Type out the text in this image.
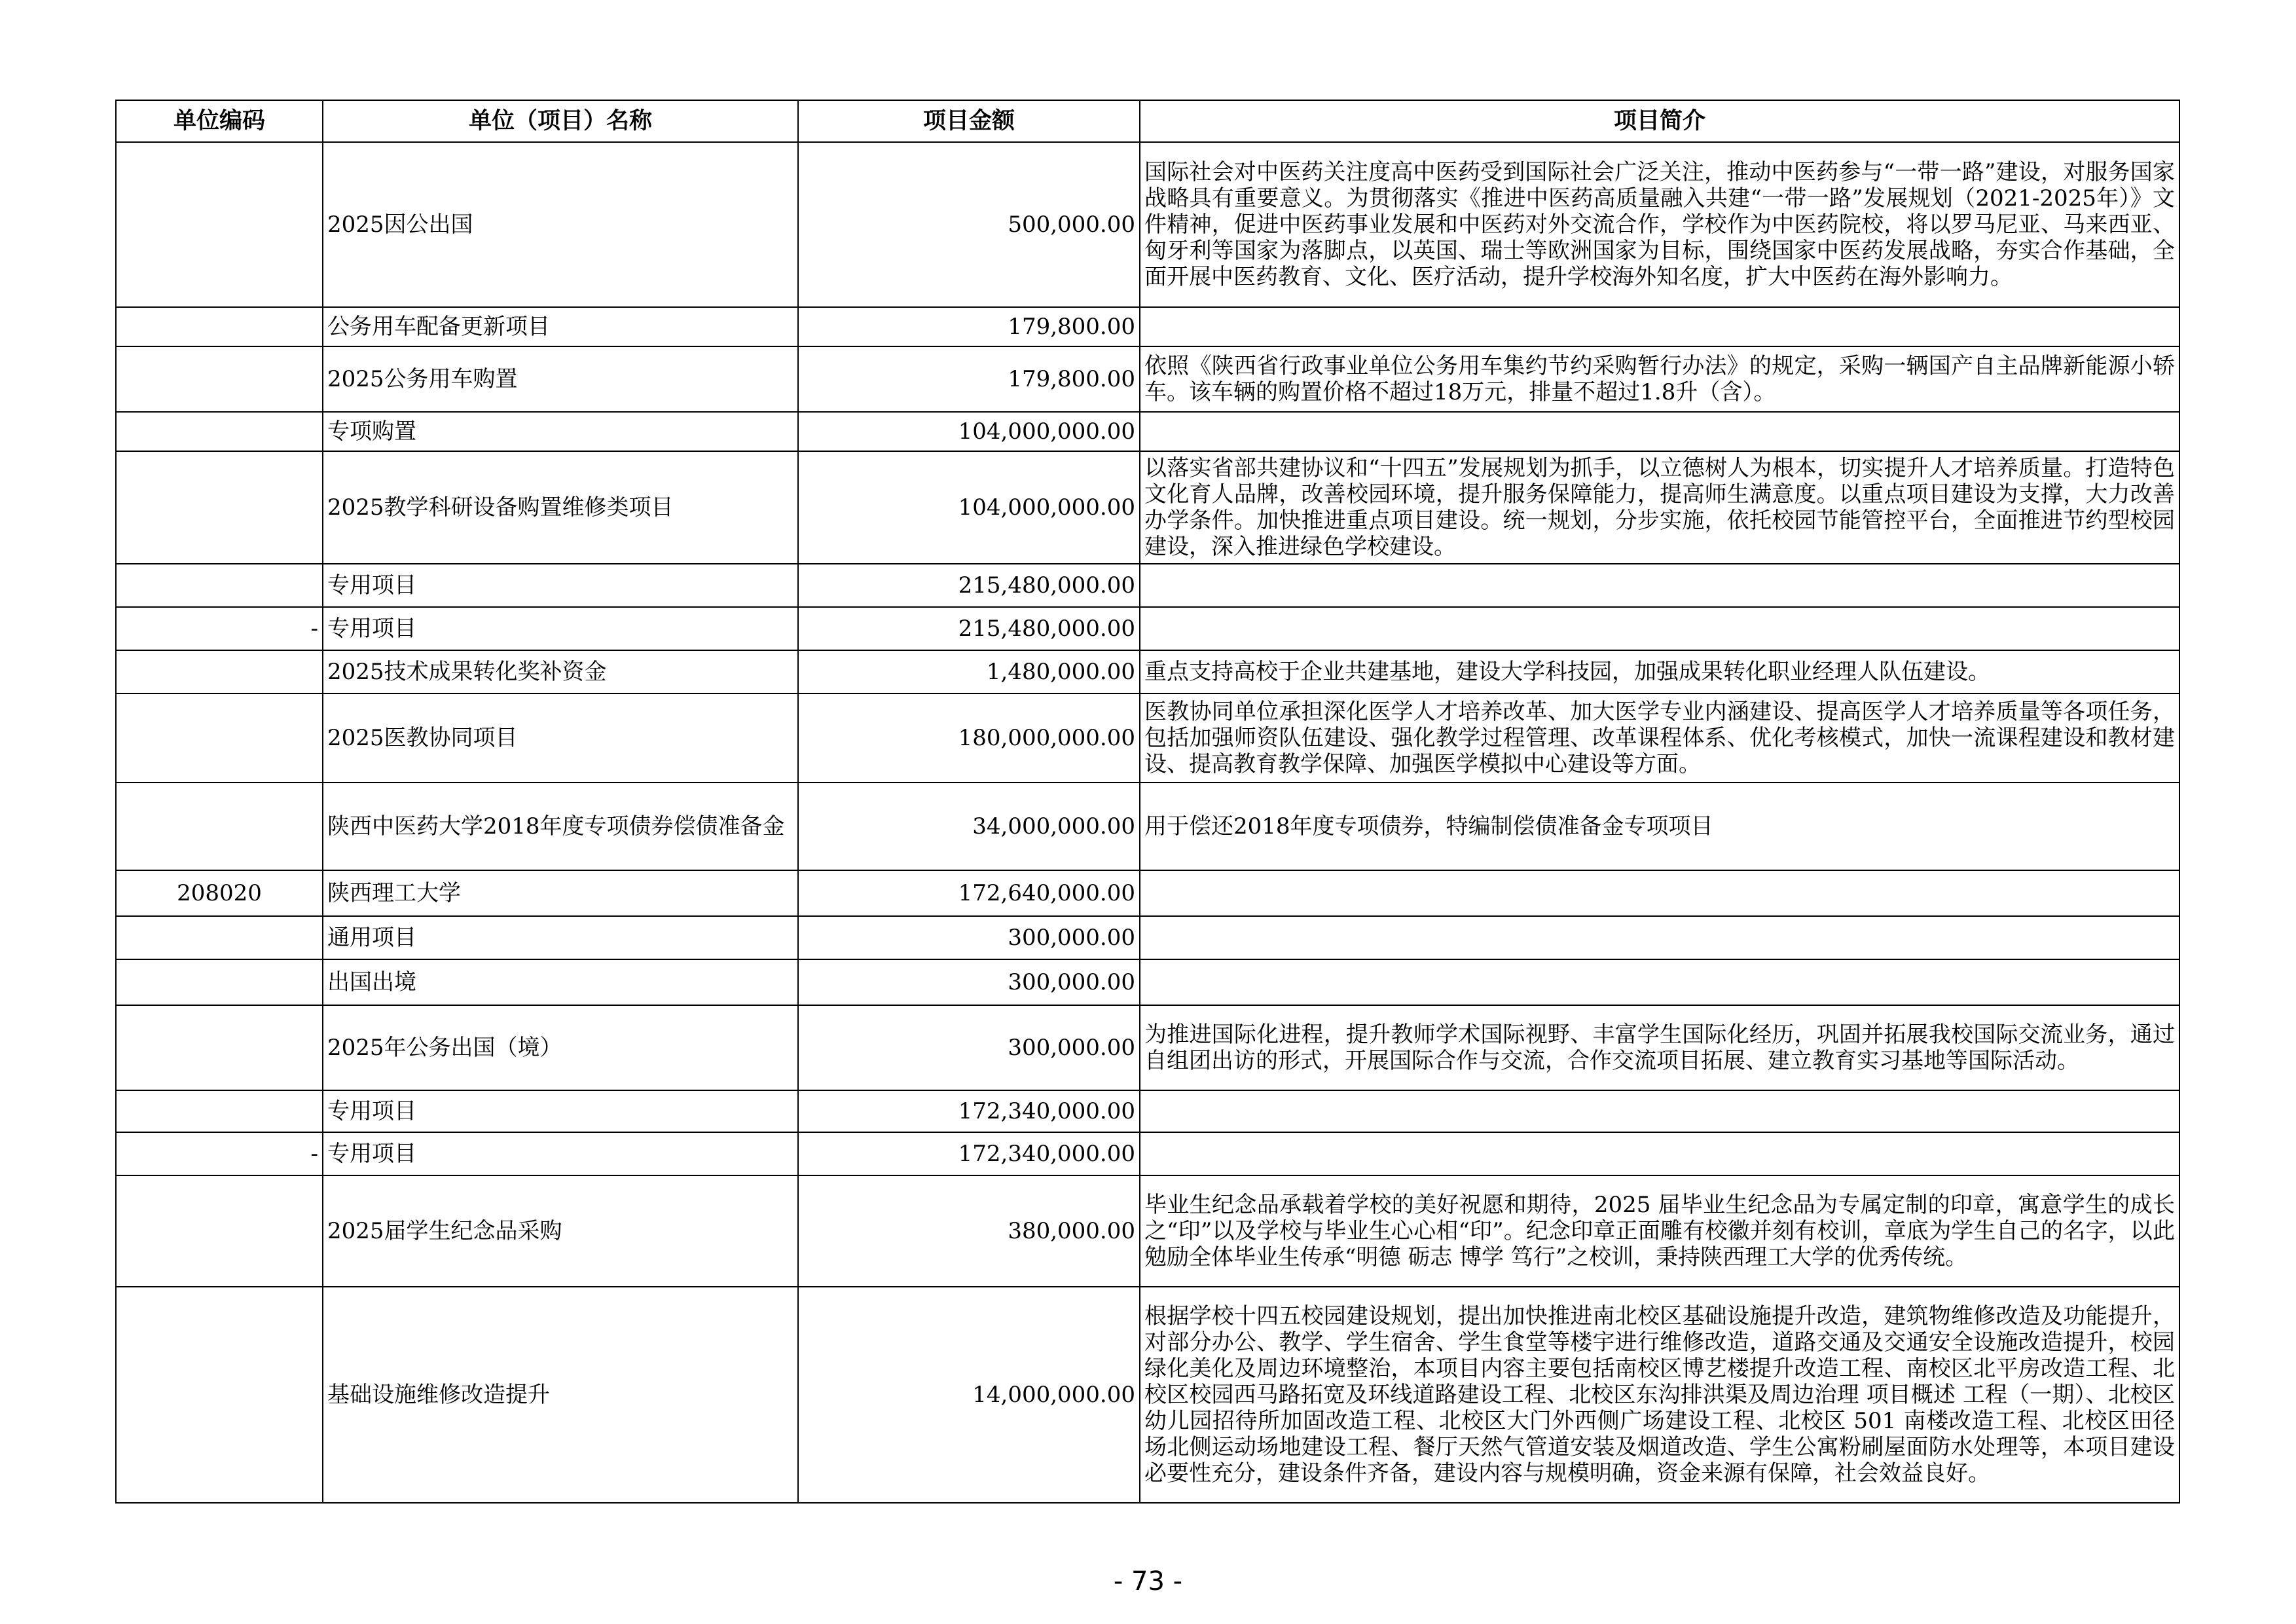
单位编码	单位（项目）名称	项目金额	项目简介
	2025因公出国	500,000.00	国际社会对中医药关注度高中医药受到国际社会广泛关注，推动中医药参与“一带一路”建设，对服务国家战略具有重要意义。为贯彻落实《推进中医药高质量融入共建“一带一路”发展规划（2021-2025年）》文件精神，促进中医药事业发展和中医药对外交流合作，学校作为中医药院校，将以罗马尼亚、马来西亚、匈牙利等国家为落脚点，以英国、瑞士等欧洲国家为目标，围绕国家中医药发展战略，夯实合作基础，全面开展中医药教育、文化、医疗活动，提升学校海外知名度，扩大中医药在海外影响力。
	公务用车配备更新项目	179,800.00	
	2025公务用车购置	179,800.00	依照《陕西省行政事业单位公务用车集约节约采购暂行办法》的规定，采购一辆国产自主品牌新能源小轿车。该车辆的购置价格不超过18万元，排量不超过1.8升（含）。
	专项购置	104,000,000.00	
	2025教学科研设备购置维修类项目	104,000,000.00	以落实省部共建协议和“十四五”发展规划为抓手，以立德树人为根本，切实提升人才培养质量。打造特色文化育人品牌，改善校园环境，提升服务保障能力，提高师生满意度。以重点项目建设为支撑，大力改善办学条件。加快推进重点项目建设。统一规划，分步实施，依托校园节能管控平台，全面推进节约型校园建设，深入推进绿色学校建设。
	专用项目	215,480,000.00	
-	专用项目	215,480,000.00	
	2025技术成果转化奖补资金	1,480,000.00	重点支持高校于企业共建基地，建设大学科技园，加强成果转化职业经理人队伍建设。
	2025医教协同项目	180,000,000.00	医教协同单位承担深化医学人才培养改革、加大医学专业内涵建设、提高医学人才培养质量等各项任务，包括加强师资队伍建设、强化教学过程管理、改革课程体系、优化考核模式，加快一流课程建设和教材建设、提高教育教学保障、加强医学模拟中心建设等方面。
	陕西中医药大学2018年度专项债券偿债准备金	34,000,000.00	用于偿还2018年度专项债券，特编制偿债准备金专项项目
208020	陕西理工大学	172,640,000.00	
	通用项目	300,000.00	
	出国出境	300,000.00	
	2025年公务出国（境）	300,000.00	为推进国际化进程，提升教师学术国际视野、丰富学生国际化经历，巩固并拓展我校国际交流业务，通过自组团出访的形式，开展国际合作与交流，合作交流项目拓展、建立教育实习基地等国际活动。
	专用项目	172,340,000.00	
-	专用项目	172,340,000.00	
	2025届学生纪念品采购	380,000.00	毕业生纪念品承载着学校的美好祝愿和期待，2025 届毕业生纪念品为专属定制的印章，寓意学生的成长之“印”以及学校与毕业生心心相“印”。纪念印章正面雕有校徽并刻有校训，章底为学生自己的名字，以此勉励全体毕业生传承“明德 砺志 博学 笃行”之校训，秉持陕西理工大学的优秀传统。
	基础设施维修改造提升	14,000,000.00	根据学校十四五校园建设规划，提出加快推进南北校区基础设施提升改造，建筑物维修改造及功能提升，对部分办公、教学、学生宿舍、学生食堂等楼宇进行维修改造，道路交通及交通安全设施改造提升，校园绿化美化及周边环境整治，本项目内容主要包括南校区博艺楼提升改造工程、南校区北平房改造工程、北校区校园西马路拓宽及环线道路建设工程、北校区东沟排洪渠及周边治理 项目概述 工程（一期）、北校区幼儿园招待所加固改造工程、北校区大门外西侧广场建设工程、北校区 501 南楼改造工程、北校区田径场北侧运动场地建设工程、餐厅天然气管道安装及烟道改造、学生公寓粉刷屋面防水处理等，本项目建设必要性充分，建设条件齐备，建设内容与规模明确，资金来源有保障，社会效益良好。
- 73 -
